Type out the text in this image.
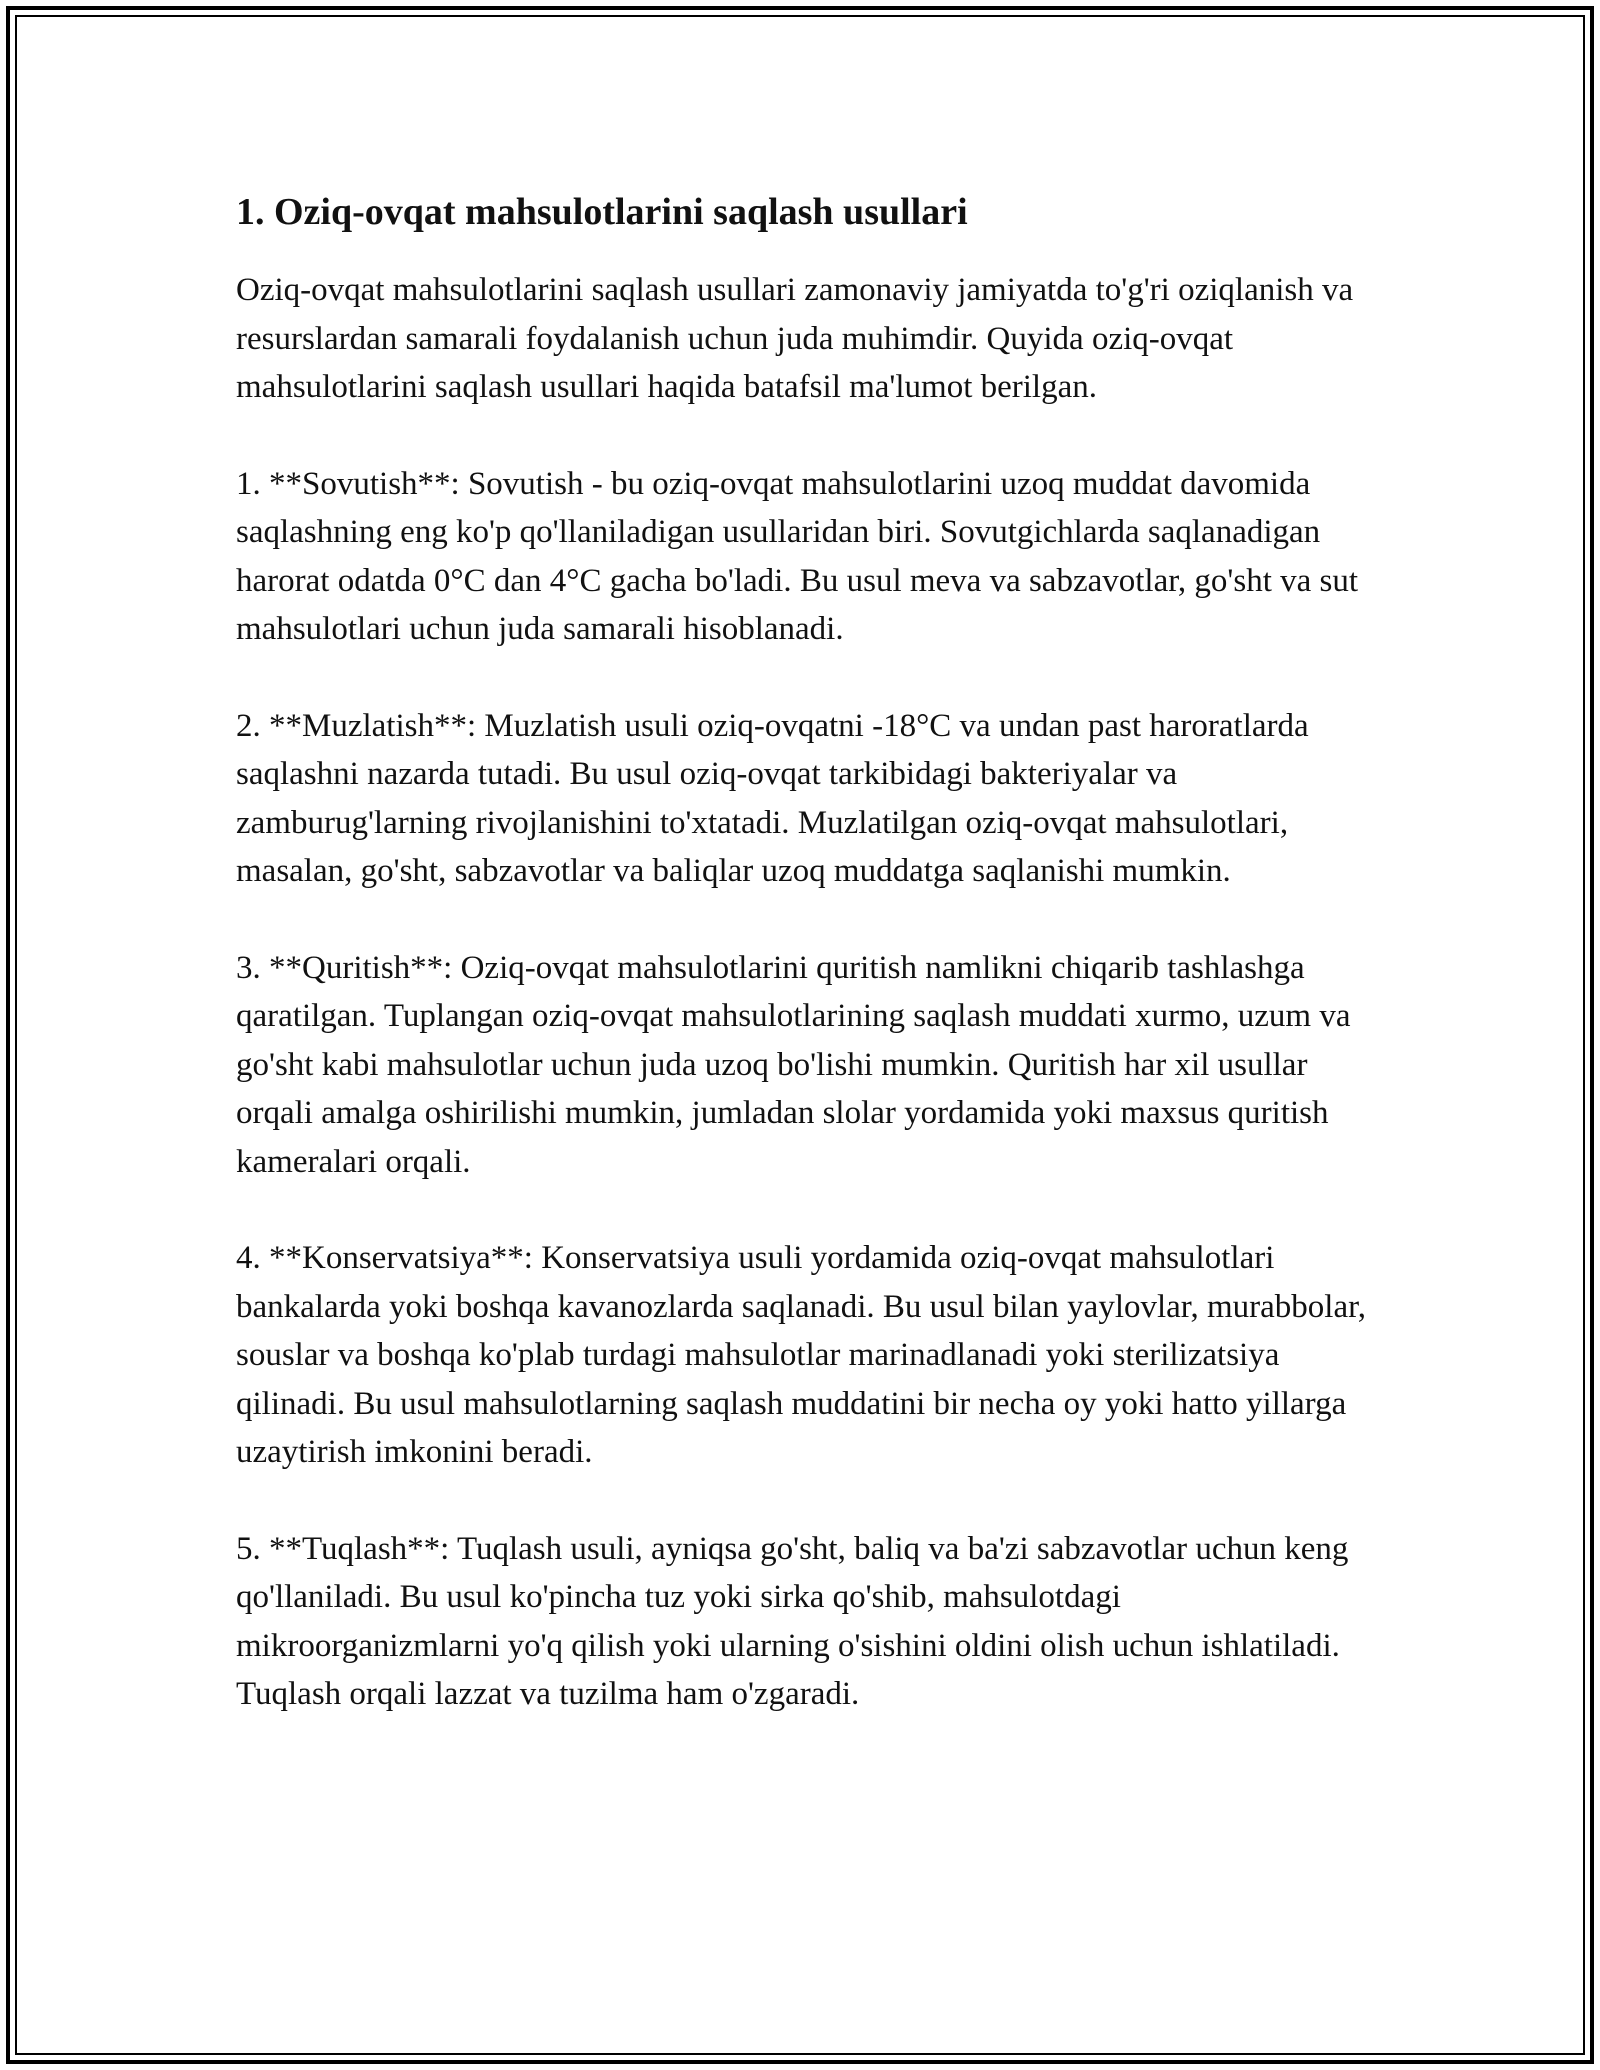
1. Oziq-ovqat mahsulotlarini saqlash usullari

Oziq-ovqat mahsulotlarini saqlash usullari zamonaviy jamiyatda to'g'ri oziqlanish va resurslardan samarali foydalanish uchun juda muhimdir. Quyida oziq-ovqat mahsulotlarini saqlash usullari haqida batafsil ma'lumot berilgan.

1. **Sovutish**: Sovutish - bu oziq-ovqat mahsulotlarini uzoq muddat davomida saqlashning eng ko'p qo'llaniladigan usullaridan biri. Sovutgichlarda saqlanadigan harorat odatda 0°C dan 4°C gacha bo'ladi. Bu usul meva va sabzavotlar, go'sht va sut mahsulotlari uchun juda samarali hisoblanadi.

2. **Muzlatish**: Muzlatish usuli oziq-ovqatni -18°C va undan past haroratlarda saqlashni nazarda tutadi. Bu usul oziq-ovqat tarkibidagi bakteriyalar va zamburug'larning rivojlanishini to'xtatadi. Muzlatilgan oziq-ovqat mahsulotlari, masalan, go'sht, sabzavotlar va baliqlar uzoq muddatga saqlanishi mumkin.

3. **Quritish**: Oziq-ovqat mahsulotlarini quritish namlikni chiqarib tashlashga qaratilgan. Tuplangan oziq-ovqat mahsulotlarining saqlash muddati xurmo, uzum va go'sht kabi mahsulotlar uchun juda uzoq bo'lishi mumkin. Quritish har xil usullar orqali amalga oshirilishi mumkin, jumladan slolar yordamida yoki maxsus quritish kameralari orqali.

4. **Konservatsiya**: Konservatsiya usuli yordamida oziq-ovqat mahsulotlari bankalarda yoki boshqa kavanozlarda saqlanadi. Bu usul bilan yaylovlar, murabbolar, souslar va boshqa ko'plab turdagi mahsulotlar marinadlanadi yoki sterilizatsiya qilinadi. Bu usul mahsulotlarning saqlash muddatini bir necha oy yoki hatto yillarga uzaytirish imkonini beradi.

5. **Tuqlash**: Tuqlash usuli, ayniqsa go'sht, baliq va ba'zi sabzavotlar uchun keng qo'llaniladi. Bu usul ko'pincha tuz yoki sirka qo'shib, mahsulotdagi mikroorganizmlarni yo'q qilish yoki ularning o'sishini oldini olish uchun ishlatiladi. Tuqlash orqali lazzat va tuzilma ham o'zgaradi.
